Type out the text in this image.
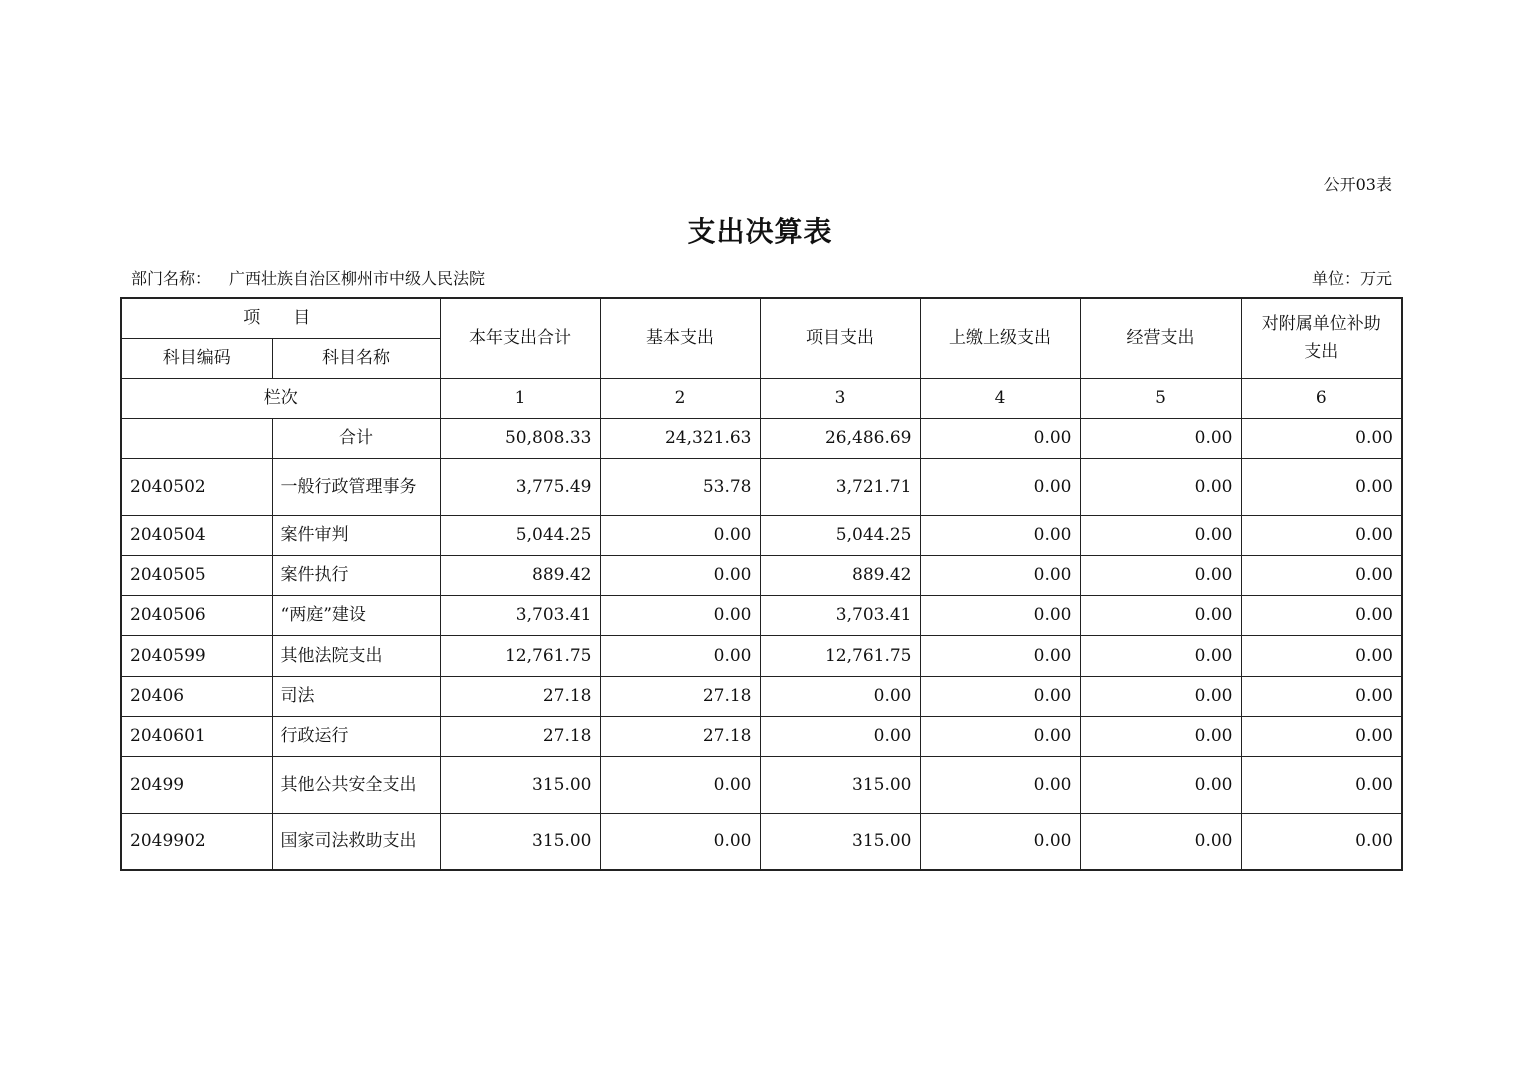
公开03表
支出决算表
部门名称： 广西壮族自治区柳州市中级人民法院	单位：万元
项　目		本年支出合计	基本支出	项目支出	上缴上级支出	经营支出	对附属单位补助支出
科目编码	科目名称						
栏次		1	2	3	4	5	6
	合计	50,808.33	24,321.63	26,486.69	0.00	0.00	0.00
2040502	一般行政管理事务	3,775.49	53.78	3,721.71	0.00	0.00	0.00
2040504	案件审判	5,044.25	0.00	5,044.25	0.00	0.00	0.00
2040505	案件执行	889.42	0.00	889.42	0.00	0.00	0.00
2040506	“两庭”建设	3,703.41	0.00	3,703.41	0.00	0.00	0.00
2040599	其他法院支出	12,761.75	0.00	12,761.75	0.00	0.00	0.00
20406	司法	27.18	27.18	0.00	0.00	0.00	0.00
2040601	行政运行	27.18	27.18	0.00	0.00	0.00	0.00
20499	其他公共安全支出	315.00	0.00	315.00	0.00	0.00	0.00
2049902	国家司法救助支出	315.00	0.00	315.00	0.00	0.00	0.00
